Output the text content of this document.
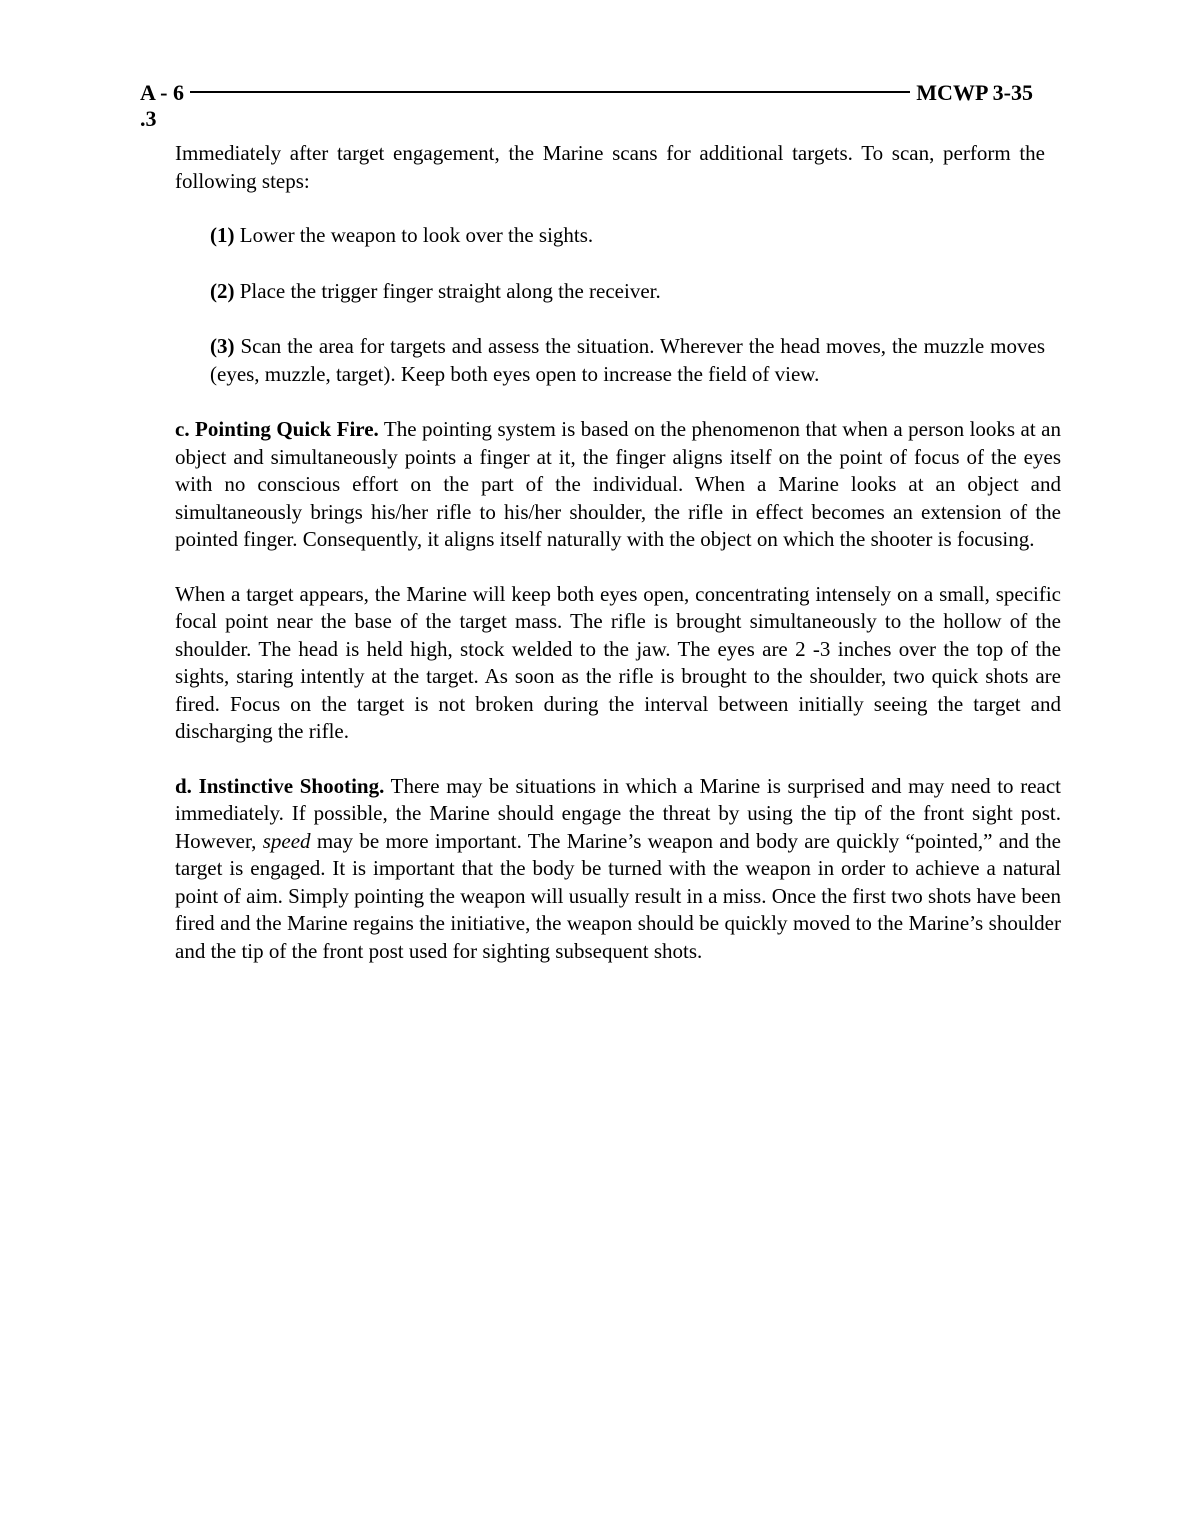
A - 6	MCWP 3-35
.3

Immediately after target engagement, the Marine scans for additional targets. To scan, perform the following steps:

(1) Lower the weapon to look over the sights.

(2) Place the trigger finger straight along the receiver.

(3) Scan the area for targets and assess the situation. Wherever the head moves, the muzzle moves (eyes, muzzle, target). Keep both eyes open to increase the field of view.

c. Pointing Quick Fire. The pointing system is based on the phenomenon that when a person looks at an object and simultaneously points a finger at it, the finger aligns itself on the point of focus of the eyes with no conscious effort on the part of the individual. When a Marine looks at an object and simultaneously brings his/her rifle to his/her shoulder, the rifle in effect becomes an extension of the pointed finger. Consequently, it aligns itself naturally with the object on which the shooter is focusing.

When a target appears, the Marine will keep both eyes open, concentrating intensely on a small, specific focal point near the base of the target mass. The rifle is brought simultaneously to the hollow of the shoulder. The head is held high, stock welded to the jaw. The eyes are 2 -3 inches over the top of the sights, staring intently at the target. As soon as the rifle is brought to the shoulder, two quick shots are fired. Focus on the target is not broken during the interval between initially seeing the target and discharging the rifle.

d. Instinctive Shooting. There may be situations in which a Marine is surprised and may need to react immediately. If possible, the Marine should engage the threat by using the tip of the front sight post. However, speed may be more important. The Marine’s weapon and body are quickly “pointed,” and the target is engaged. It is important that the body be turned with the weapon in order to achieve a natural point of aim. Simply pointing the weapon will usually result in a miss. Once the first two shots have been fired and the Marine regains the initiative, the weapon should be quickly moved to the Marine’s shoulder and the tip of the front post used for sighting subsequent shots.
